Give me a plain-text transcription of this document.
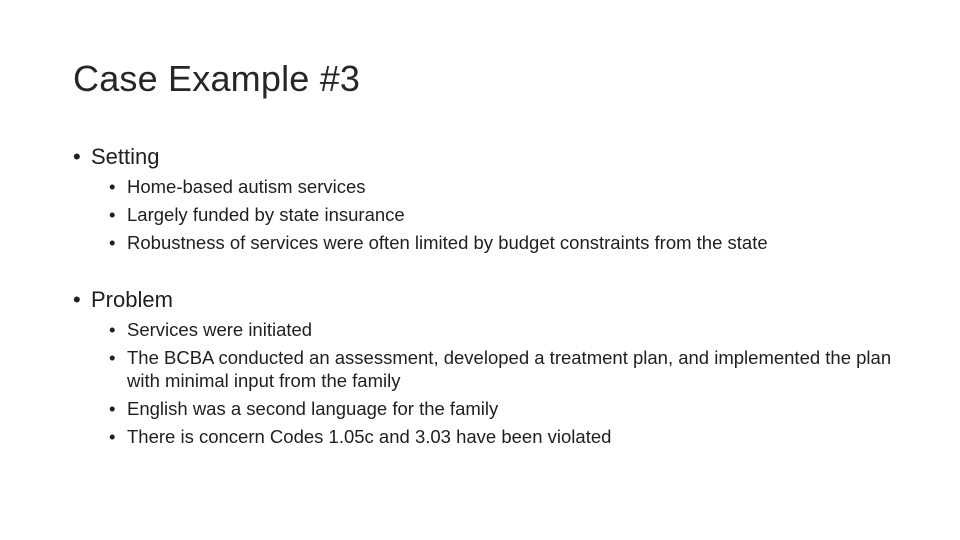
Case Example #3
• Setting
• Home-based autism services
• Largely funded by state insurance
• Robustness of services were often limited by budget constraints from the state
• Problem
• Services were initiated
• The BCBA conducted an assessment, developed a treatment plan, and implemented the plan with minimal input from the family
• English was a second language for the family
• There is concern Codes 1.05c and 3.03 have been violated
